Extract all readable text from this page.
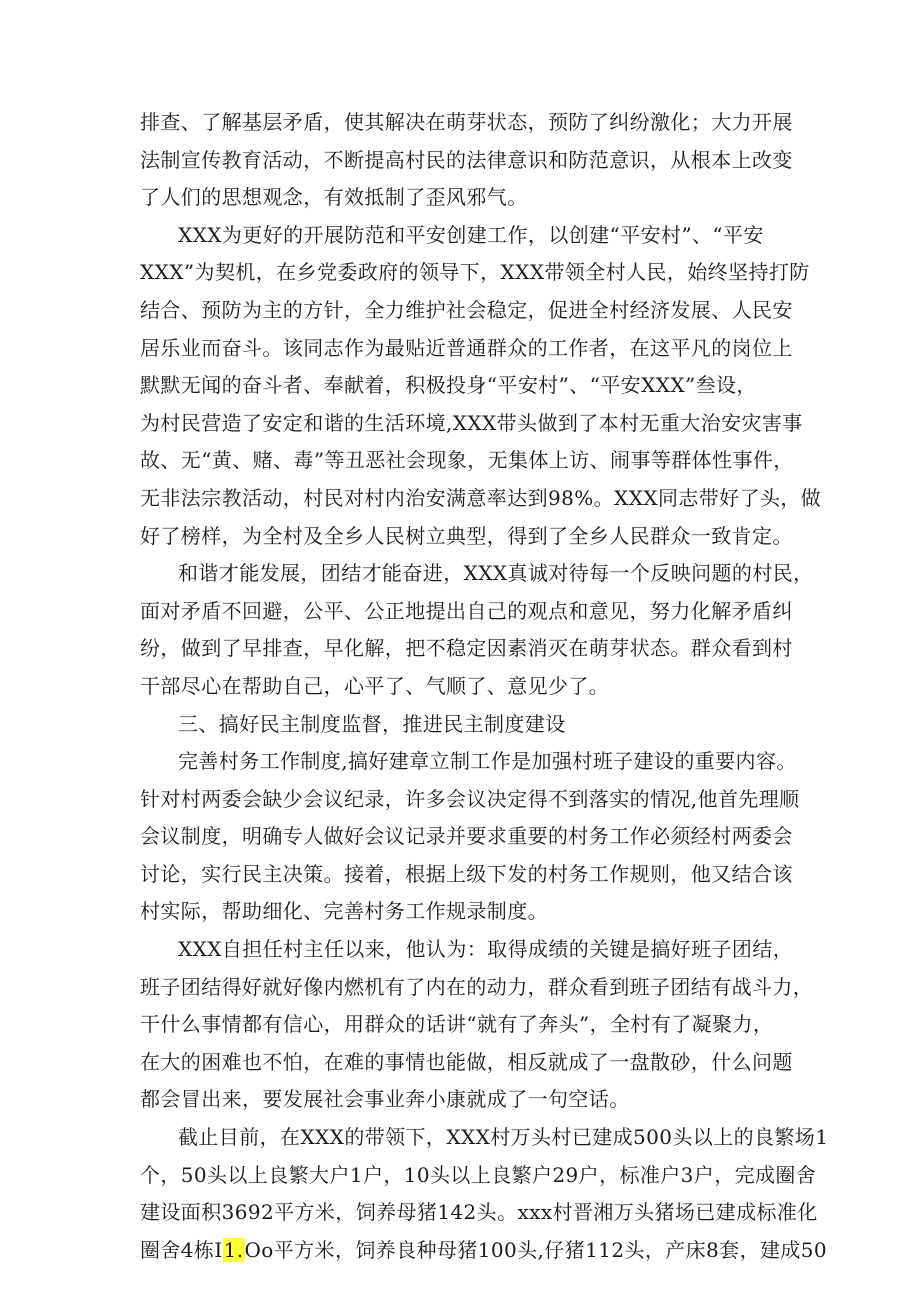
排查、了解基层矛盾，使其解决在萌芽状态，预防了纠纷激化；大力开展
法制宣传教育活动，不断提高村民的法律意识和防范意识，从根本上改变
了人们的思想观念，有效抵制了歪风邪气。
XXX为更好的开展防范和平安创建工作，以创建“平安村”、“平安
XXX”为契机，在乡党委政府的领导下，XXX带领全村人民，始终坚持打防
结合、预防为主的方针，全力维护社会稳定，促进全村经济发展、人民安
居乐业而奋斗。该同志作为最贴近普通群众的工作者，在这平凡的岗位上
默默无闻的奋斗者、奉献着，积极投身“平安村”、“平安XXX”叁设，
为村民营造了安定和谐的生活环境,XXX带头做到了本村无重大治安灾害事
故、无“黄、赌、毒”等丑恶社会现象，无集体上访、闹事等群体性事件，
无非法宗教活动，村民对村内治安满意率达到98%。XXX同志带好了头，做
好了榜样，为全村及全乡人民树立典型，得到了全乡人民群众一致肯定。
和谐才能发展，团结才能奋进，XXX真诚对待每一个反映问题的村民，
面对矛盾不回避，公平、公正地提出自己的观点和意见，努力化解矛盾纠
纷，做到了早排查，早化解，把不稳定因素消灭在萌芽状态。群众看到村
干部尽心在帮助自己，心平了、气顺了、意见少了。
三、搞好民主制度监督，推进民主制度建设
完善村务工作制度,搞好建章立制工作是加强村班子建设的重要内容。
针对村两委会缺少会议纪录，许多会议决定得不到落实的情况,他首先理顺
会议制度，明确专人做好会议记录并要求重要的村务工作必须经村两委会
讨论，实行民主决策。接着，根据上级下发的村务工作规则，他又结合该
村实际，帮助细化、完善村务工作规录制度。
XXX自担任村主任以来，他认为：取得成绩的关键是搞好班子团结，
班子团结得好就好像内燃机有了内在的动力，群众看到班子团结有战斗力，
干什么事情都有信心，用群众的话讲“就有了奔头”，全村有了凝聚力，
在大的困难也不怕，在难的事情也能做，相反就成了一盘散砂，什么问题
都会冒出来，要发展社会事业奔小康就成了一句空话。
截止目前，在XXX的带领下，XXX村万头村已建成500头以上的良繁场1
个，50头以上良繁大户1户，10头以上良繁户29户，标准户3户，完成圈舍
建设面积3692平方米，饲养母猪142头。xxx村晋湘万头猪场已建成标准化
圈舍4栋I1.Oo平方米，饲养良种母猪100头,仔猪112头，产床8套，建成50
